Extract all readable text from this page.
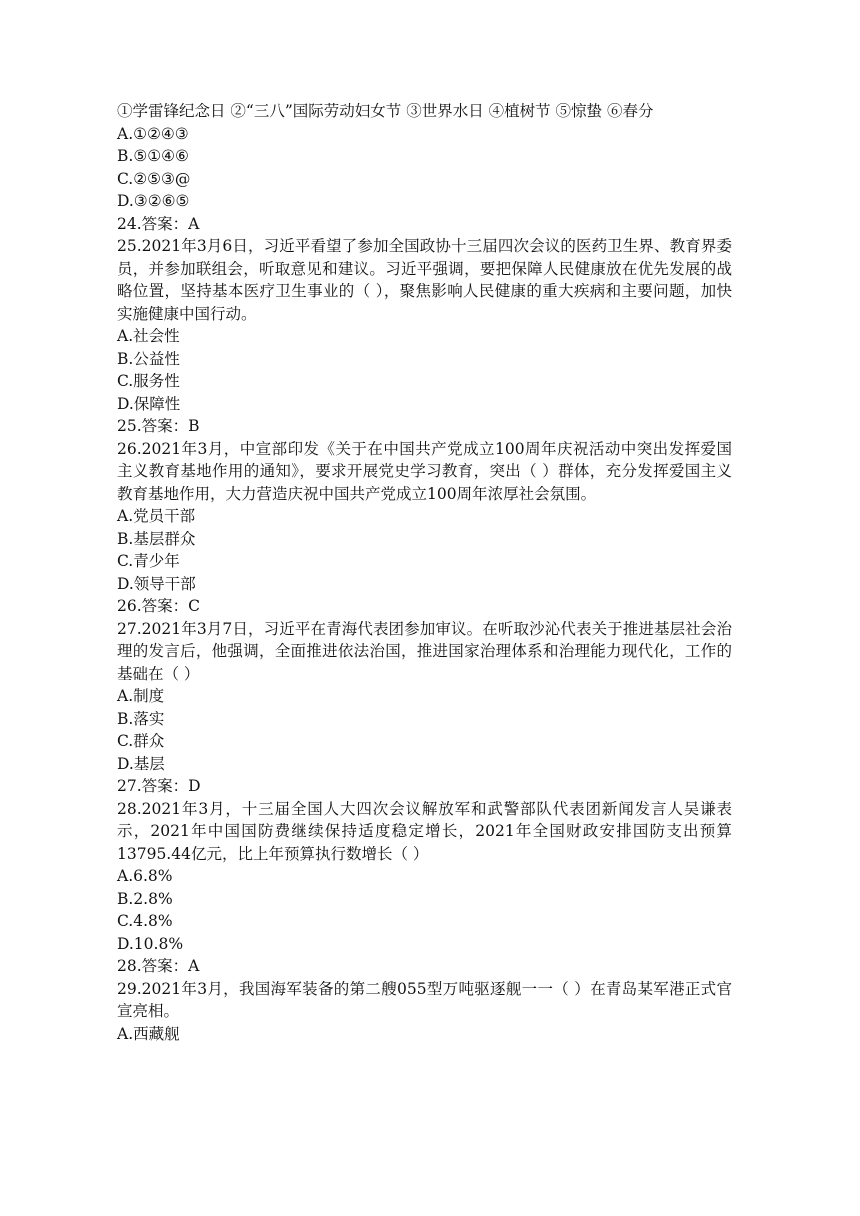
①学雷锋纪念日 ②“三八”国际劳动妇女节 ③世界水日 ④植树节 ⑤惊蛰 ⑥春分

A.①②④③

B.⑤①④⑥

C.②⑤③@

D.③②⑥⑤

24.答案：A

25.2021年3月6日，习近平看望了参加全国政协十三届四次会议的医药卫生界、教育界委员，并参加联组会，听取意见和建议。习近平强调，要把保障人民健康放在优先发展的战略位置，坚持基本医疗卫生事业的（ ），聚焦影响人民健康的重大疾病和主要问题，加快实施健康中国行动。

A.社会性

B.公益性

C.服务性

D.保障性

25.答案：B

26.2021年3月，中宣部印发《关于在中国共产党成立100周年庆祝活动中突出发挥爱国主义教育基地作用的通知》，要求开展党史学习教育，突出（ ）群体，充分发挥爱国主义教育基地作用，大力营造庆祝中国共产党成立100周年浓厚社会氛围。

A.党员干部

B.基层群众

C.青少年

D.领导干部

26.答案：C

27.2021年3月7日，习近平在青海代表团参加审议。在听取沙沁代表关于推进基层社会治理的发言后，他强调，全面推进依法治国，推进国家治理体系和治理能力现代化，工作的基础在（ ）

A.制度

B.落实

C.群众

D.基层

27.答案：D

28.2021年3月，十三届全国人大四次会议解放军和武警部队代表团新闻发言人吴谦表示，2021年中国国防费继续保持适度稳定增长，2021年全国财政安排国防支出预算13795.44亿元，比上年预算执行数增长（ ）

A.6.8%

B.2.8%

C.4.8%

D.10.8%

28.答案：A

29.2021年3月，我国海军装备的第二艘055型万吨驱逐舰一一（ ）在青岛某军港正式官宣亮相。

A.西藏舰
